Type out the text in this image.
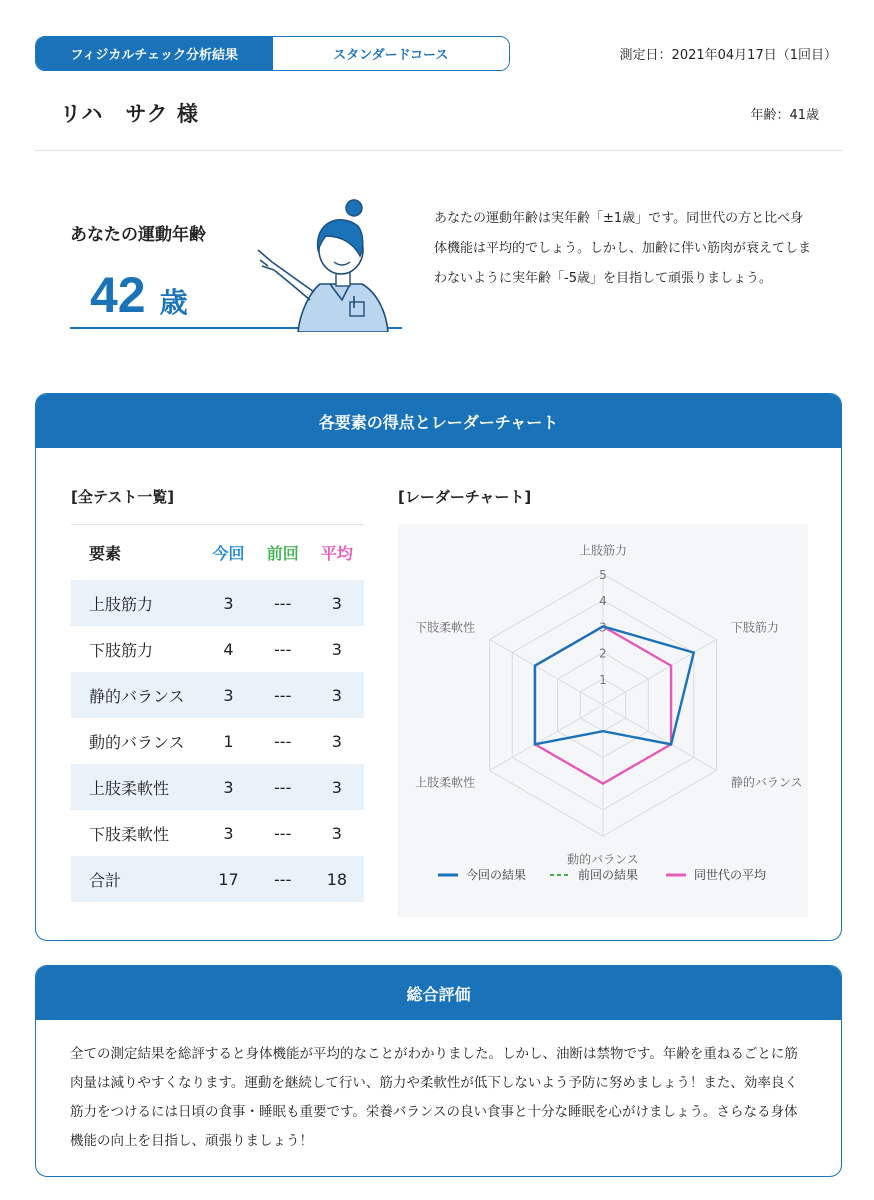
フィジカルチェック分析結果	スタンダードコース	測定日：2021年04月17日（1回目）
リハ　サク 様	年齢：41歳
あなたの運動年齢
42 歳
あなたの運動年齢は実年齢「±1歳」です。同世代の方と比べ身体機能は平均的でしょう。しかし、加齢に伴い筋肉が衰えてしまわないように実年齢「-5歳」を目指して頑張りましょう。
各要素の得点とレーダーチャート
[全テスト一覧]	[レーダーチャート]
要素	今回	前回	平均
上肢筋力	3	---	3
下肢筋力	4	---	3
静的バランス	3	---	3
動的バランス	1	---	3
上肢柔軟性	3	---	3
下肢柔軟性	3	---	3
合計	17	---	18
1
2
3
4
5
上肢筋力
下肢筋力
静的バランス
動的バランス
上肢柔軟性
下肢柔軟性
今回の結果	前回の結果	同世代の平均
総合評価
全ての測定結果を総評すると身体機能が平均的なことがわかりました。しかし、油断は禁物です。年齢を重ねるごとに筋肉量は減りやすくなります。運動を継続して行い、筋力や柔軟性が低下しないよう予防に努めましょう！また、効率良く筋力をつけるには日頃の食事・睡眠も重要です。栄養バランスの良い食事と十分な睡眠を心がけましょう。さらなる身体機能の向上を目指し、頑張りましょう！
